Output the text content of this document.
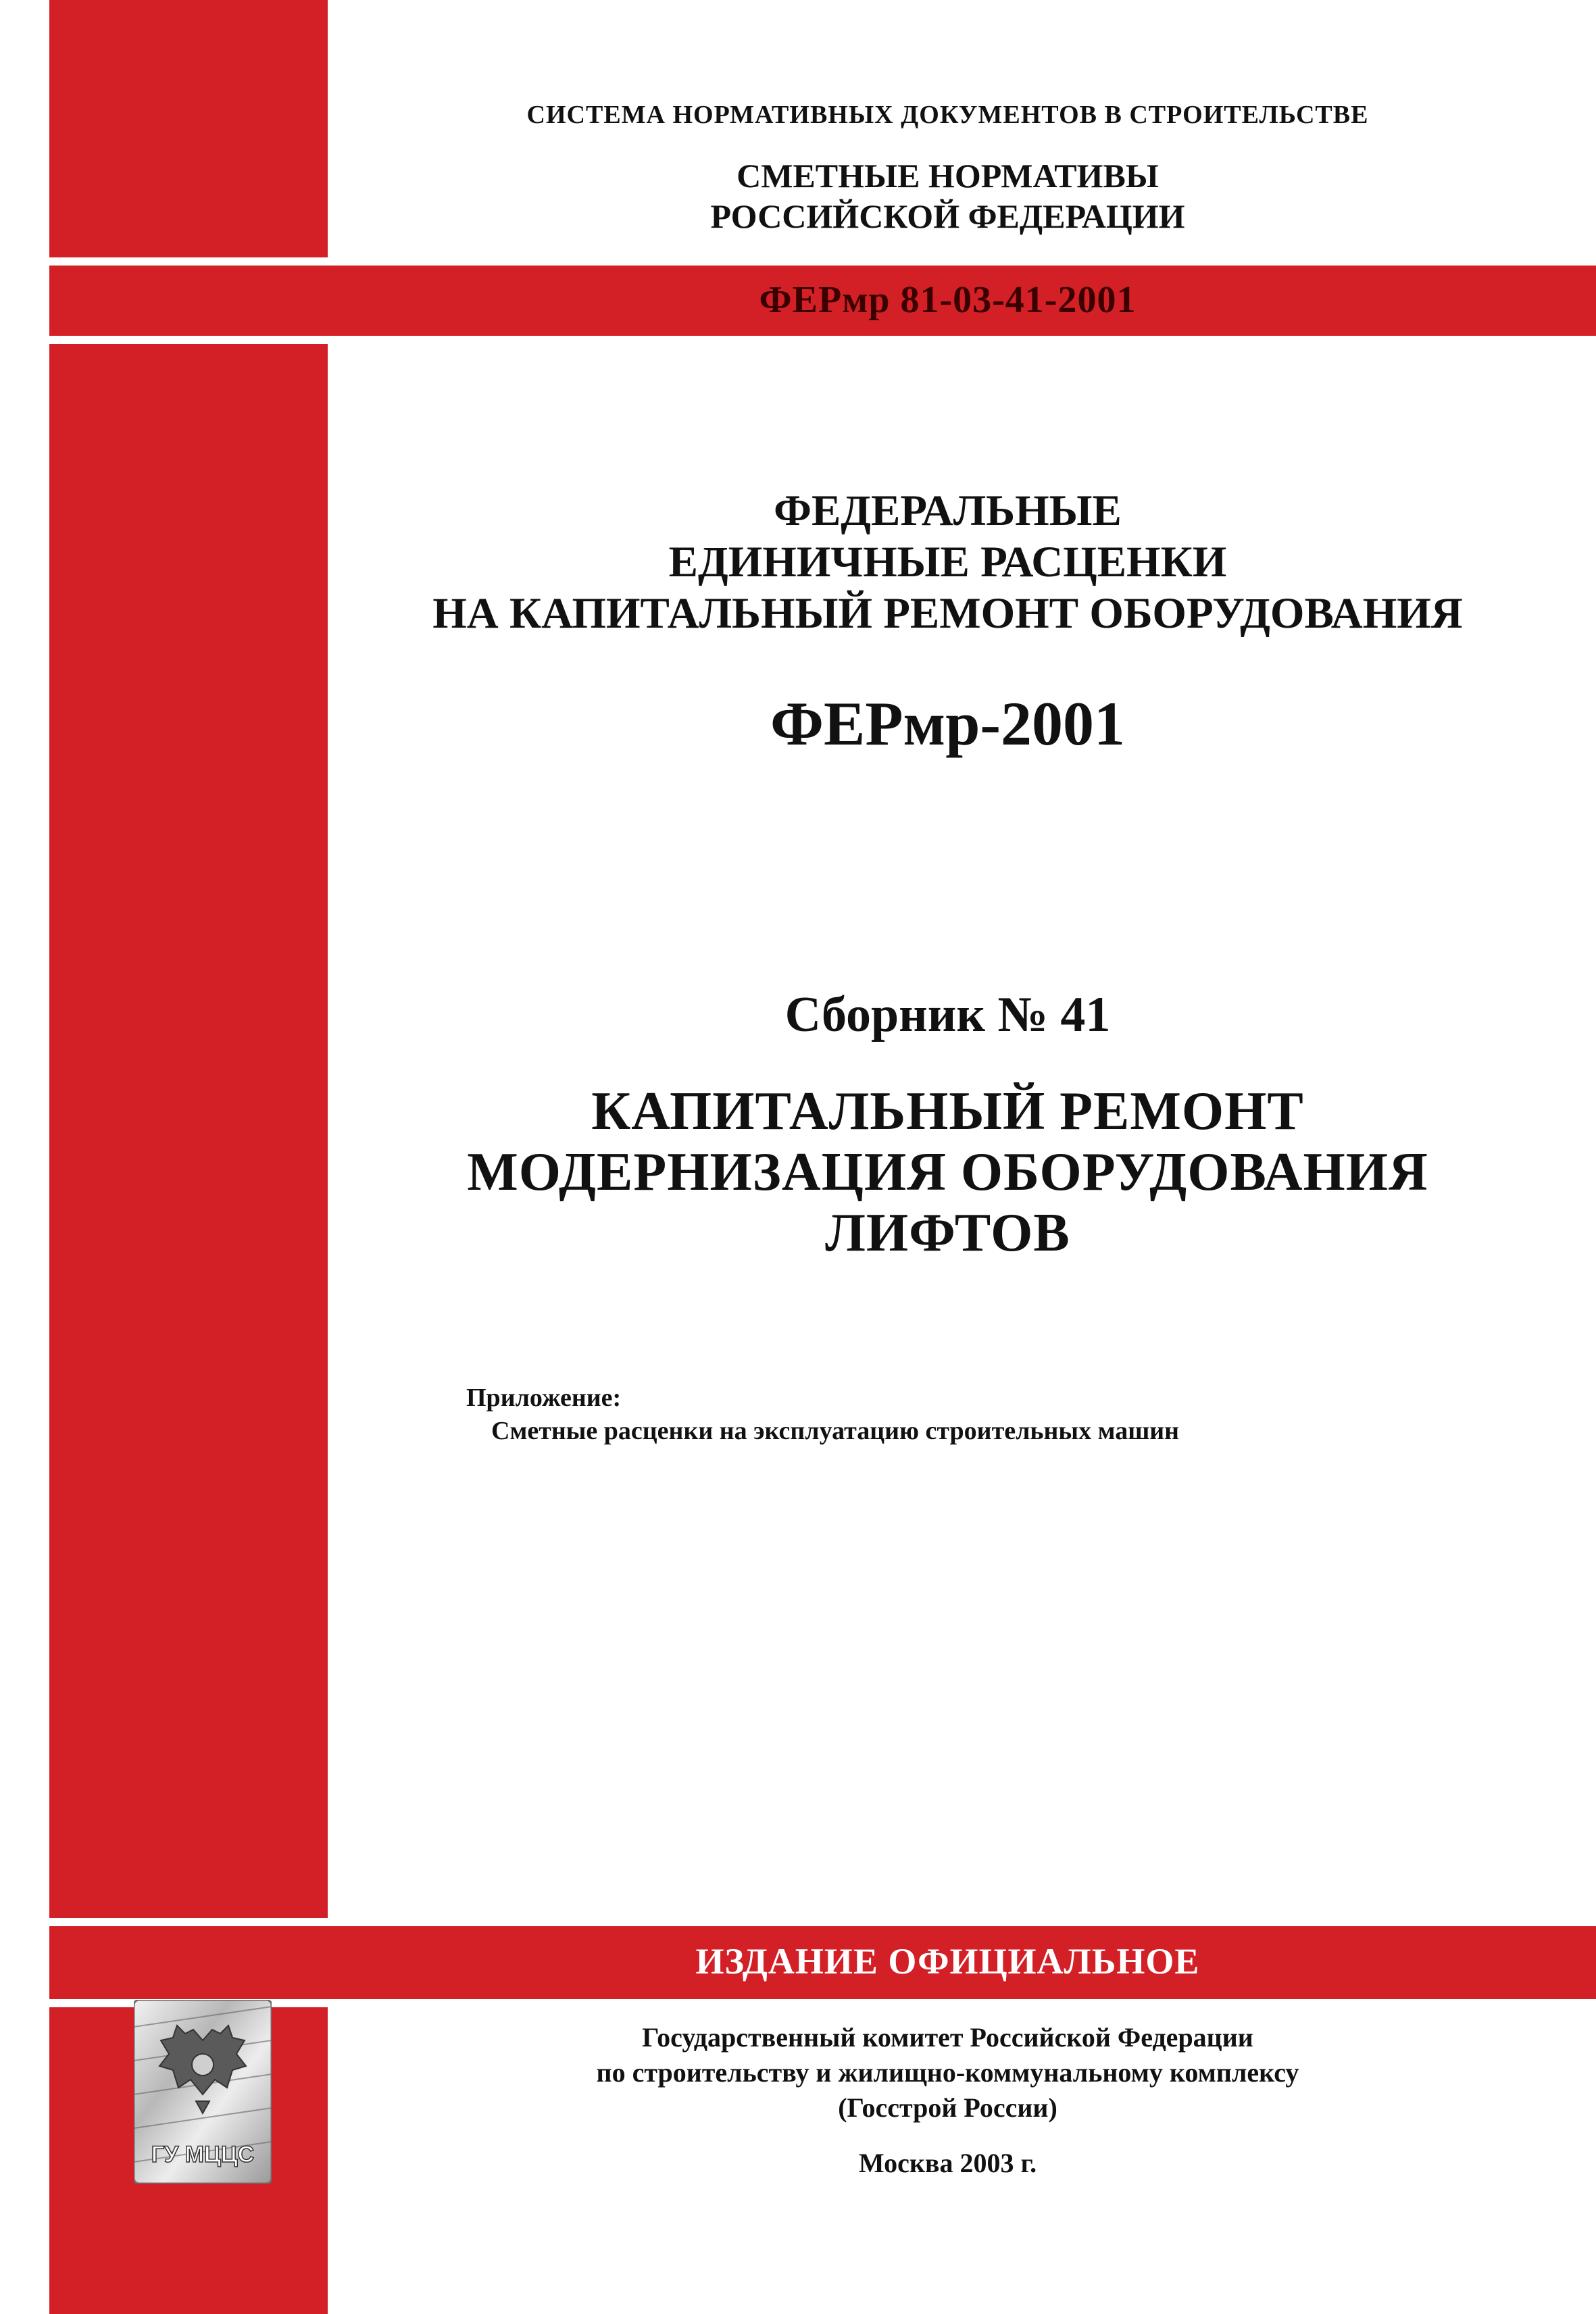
СИСТЕМА НОРМАТИВНЫХ ДОКУМЕНТОВ В СТРОИТЕЛЬСТВЕ
СМЕТНЫЕ НОРМАТИВЫ
РОССИЙСКОЙ ФЕДЕРАЦИИ
ФЕРмр 81-03-41-2001
ФЕДЕРАЛЬНЫЕ
ЕДИНИЧНЫЕ РАСЦЕНКИ
НА КАПИТАЛЬНЫЙ РЕМОНТ ОБОРУДОВАНИЯ
ФЕРмр-2001
Сборник № 41
КАПИТАЛЬНЫЙ РЕМОНТ
МОДЕРНИЗАЦИЯ ОБОРУДОВАНИЯ
ЛИФТОВ
Приложение:
Сметные расценки на эксплуатацию строительных машин
ИЗДАНИЕ ОФИЦИАЛЬНОЕ
Государственный комитет Российской Федерации
по строительству и жилищно-коммунальному комплексу
(Госстрой России)
Москва 2003 г.
ГУ МЦЦС
